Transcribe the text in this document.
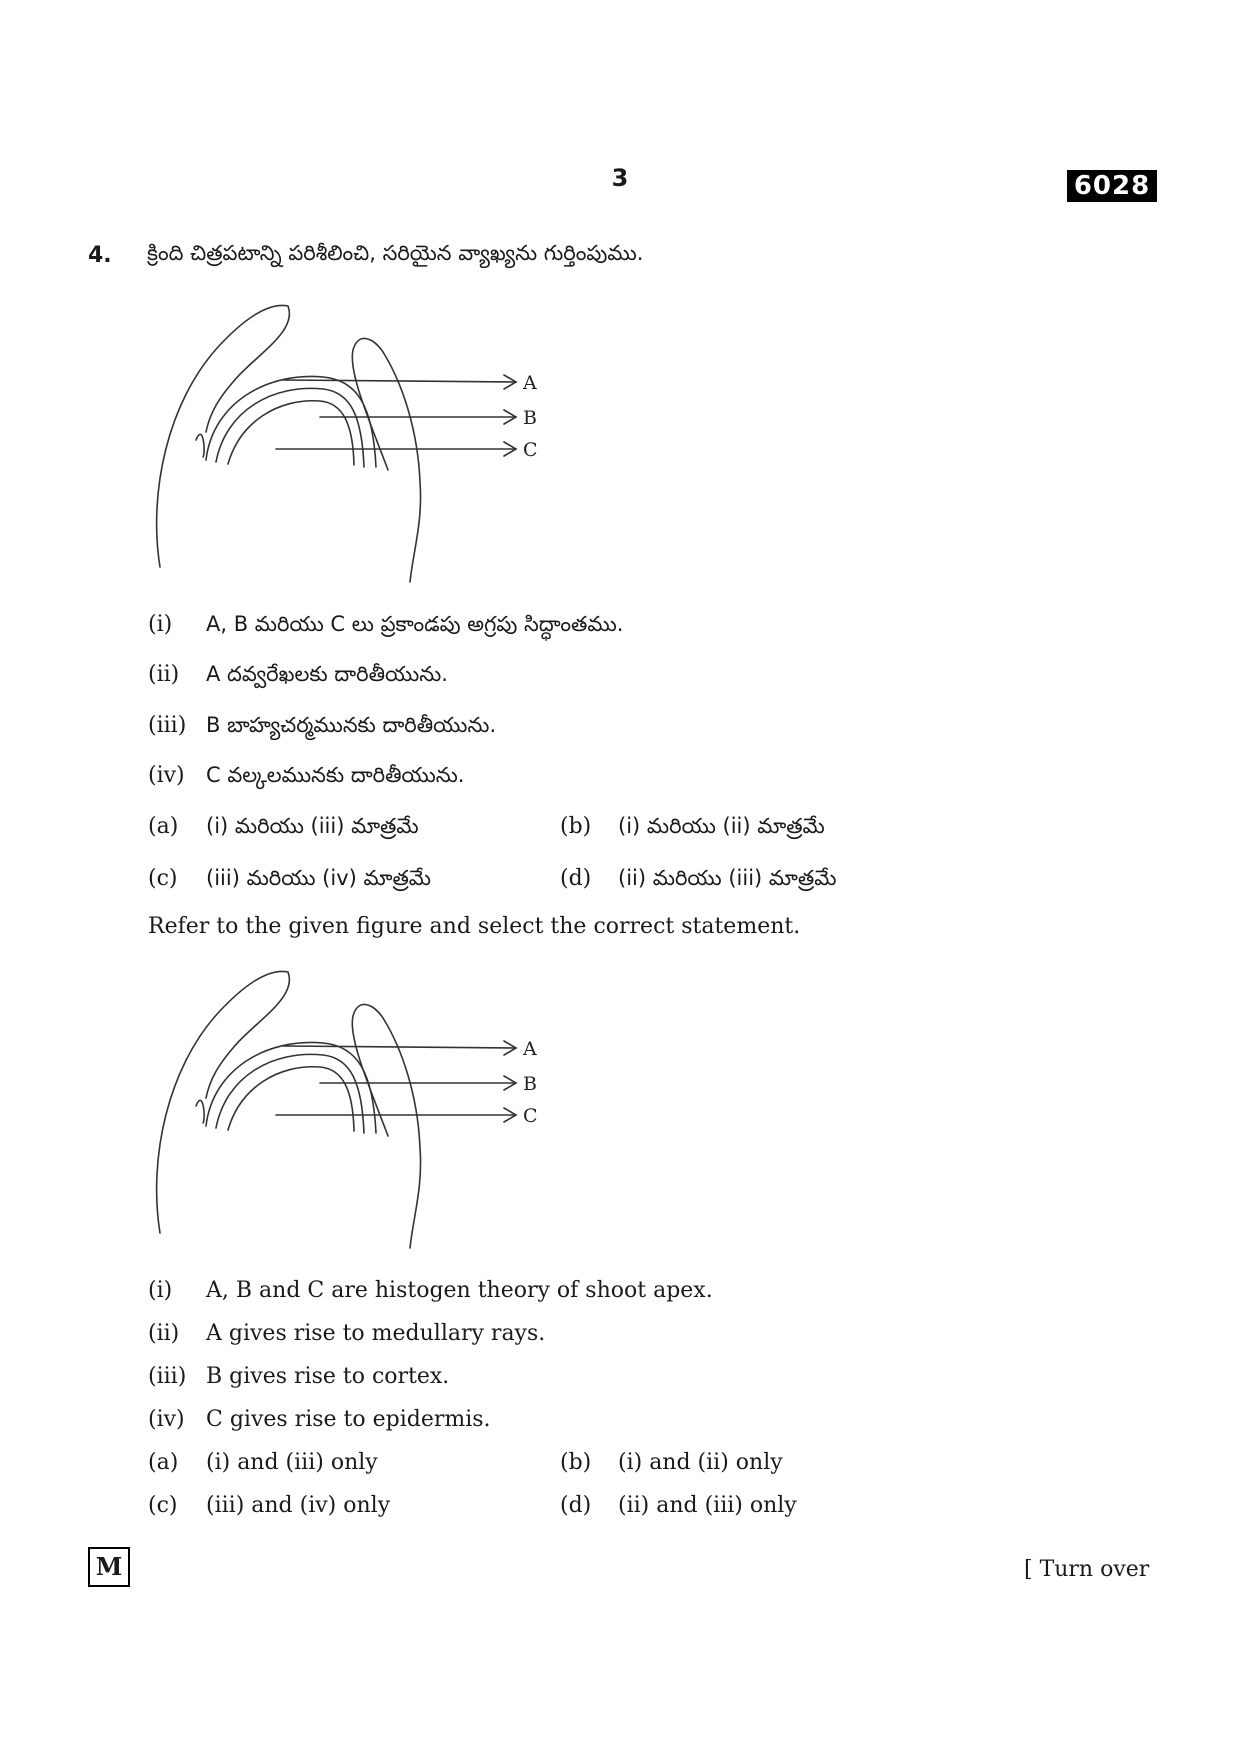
3	6028
4. క్రింది చిత్రపటాన్ని పరిశీలించి, సరియైన వ్యాఖ్యను గుర్తింపుము.
A
B
C
(i) A, B మరియు C లు ప్రకాండపు అగ్రపు సిద్ధాంతము.
(ii) A దవ్వరేఖలకు దారితీయును.
(iii) B బాహ్యచర్మమునకు దారితీయును.
(iv) C వల్కలమునకు దారితీయును.
(a) (i) మరియు (iii) మాత్రమే	(b) (i) మరియు (ii) మాత్రమే
(c) (iii) మరియు (iv) మాత్రమే	(d) (ii) మరియు (iii) మాత్రమే
Refer to the given figure and select the correct statement.
A
B
C
(i) A, B and C are histogen theory of shoot apex.
(ii) A gives rise to medullary rays.
(iii) B gives rise to cortex.
(iv) C gives rise to epidermis.
(a) (i) and (iii) only	(b) (i) and (ii) only
(c) (iii) and (iv) only	(d) (ii) and (iii) only
M	[ Turn over
